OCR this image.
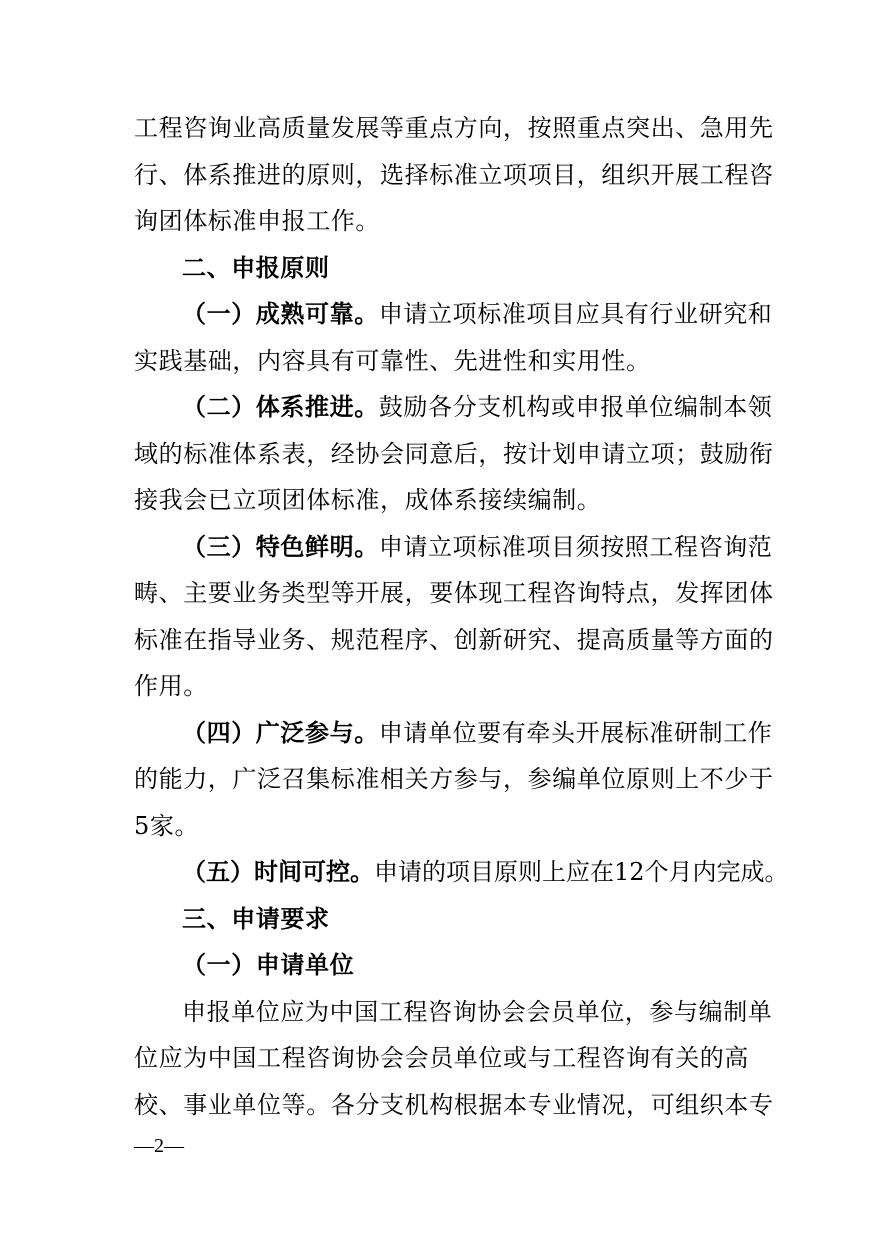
工程咨询业高质量发展等重点方向，按照重点突出、急用先
行、体系推进的原则，选择标准立项项目，组织开展工程咨
询团体标准申报工作。
二、申报原则
（一）成熟可靠。申请立项标准项目应具有行业研究和
实践基础，内容具有可靠性、先进性和实用性。
（二）体系推进。鼓励各分支机构或申报单位编制本领
域的标准体系表，经协会同意后，按计划申请立项；鼓励衔
接我会已立项团体标准，成体系接续编制。
（三）特色鲜明。申请立项标准项目须按照工程咨询范
畴、主要业务类型等开展，要体现工程咨询特点，发挥团体
标准在指导业务、规范程序、创新研究、提高质量等方面的
作用。
（四）广泛参与。申请单位要有牵头开展标准研制工作
的能力，广泛召集标准相关方参与，参编单位原则上不少于
5家。
（五）时间可控。申请的项目原则上应在12个月内完成。
三、申请要求
（一）申请单位
申报单位应为中国工程咨询协会会员单位，参与编制单
位应为中国工程咨询协会会员单位或与工程咨询有关的高
校、事业单位等。各分支机构根据本专业情况，可组织本专
—2—
